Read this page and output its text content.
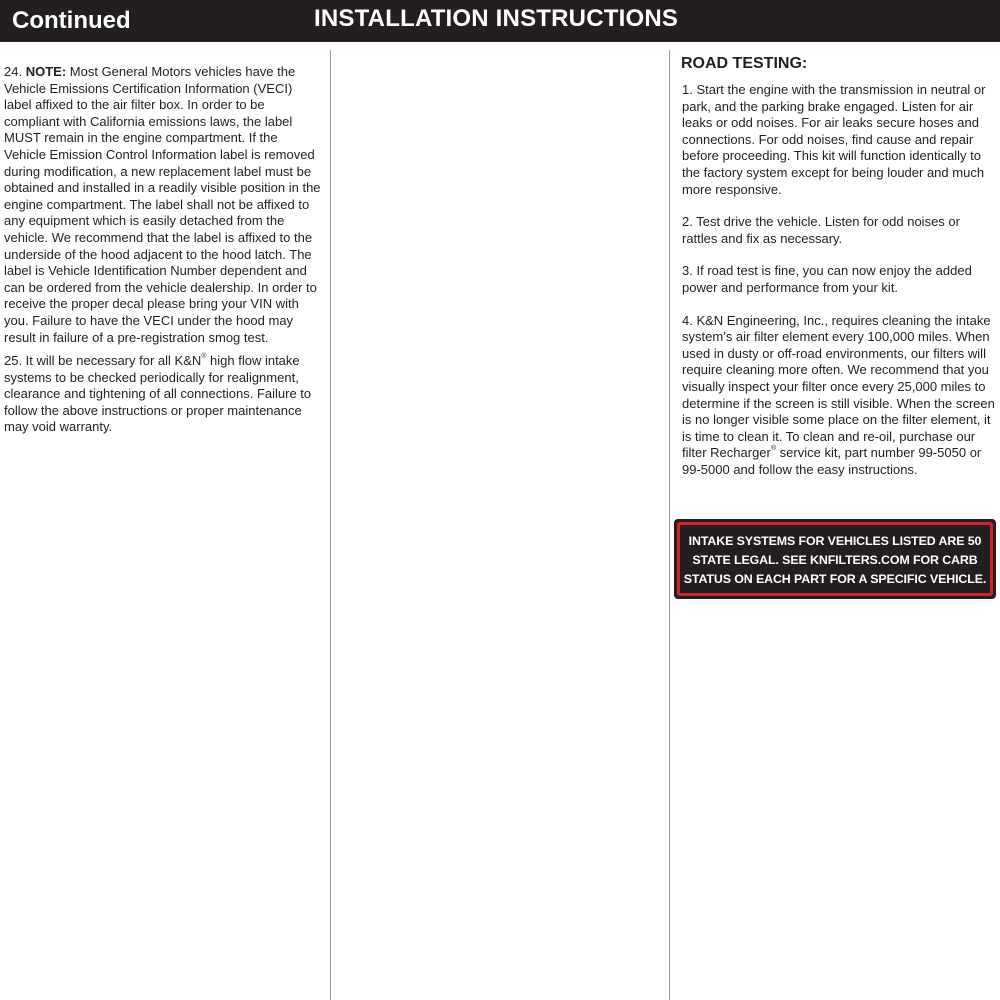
Continued	INSTALLATION INSTRUCTIONS

24. NOTE: Most General Motors vehicles have the Vehicle Emissions Certification Information (VECI) label affixed to the air filter box. In order to be compliant with California emissions laws, the label MUST remain in the engine compartment. If the Vehicle Emission Control Information label is removed during modification, a new replacement label must be obtained and installed in a readily visible position in the engine compartment. The label shall not be affixed to any equipment which is easily detached from the vehicle. We recommend that the label is affixed to the underside of the hood adjacent to the hood latch. The label is Vehicle Identification Number dependent and can be ordered from the vehicle dealership. In order to receive the proper decal please bring your VIN with you. Failure to have the VECI under the hood may result in failure of a pre-registration smog test.

25. It will be necessary for all K&N® high flow intake systems to be checked periodically for realignment, clearance and tightening of all connections. Failure to follow the above instructions or proper maintenance may void warranty.

ROAD TESTING:

1. Start the engine with the transmission in neutral or park, and the parking brake engaged. Listen for air leaks or odd noises. For air leaks secure hoses and connections. For odd noises, find cause and repair before proceeding. This kit will function identically to the factory system except for being louder and much more responsive.

2. Test drive the vehicle. Listen for odd noises or rattles and fix as necessary.

3. If road test is fine, you can now enjoy the added power and performance from your kit.

4. K&N Engineering, Inc., requires cleaning the intake system’s air filter element every 100,000 miles. When used in dusty or off-road environments, our filters will require cleaning more often. We recommend that you visually inspect your filter once every 25,000 miles to determine if the screen is still visible. When the screen is no longer visible some place on the filter element, it is time to clean it. To clean and re-oil, purchase our filter Recharger® service kit, part number 99-5050 or 99-5000 and follow the easy instructions.

INTAKE SYSTEMS FOR VEHICLES LISTED ARE 50
STATE LEGAL. SEE KNFILTERS.COM FOR CARB
STATUS ON EACH PART FOR A SPECIFIC VEHICLE.
